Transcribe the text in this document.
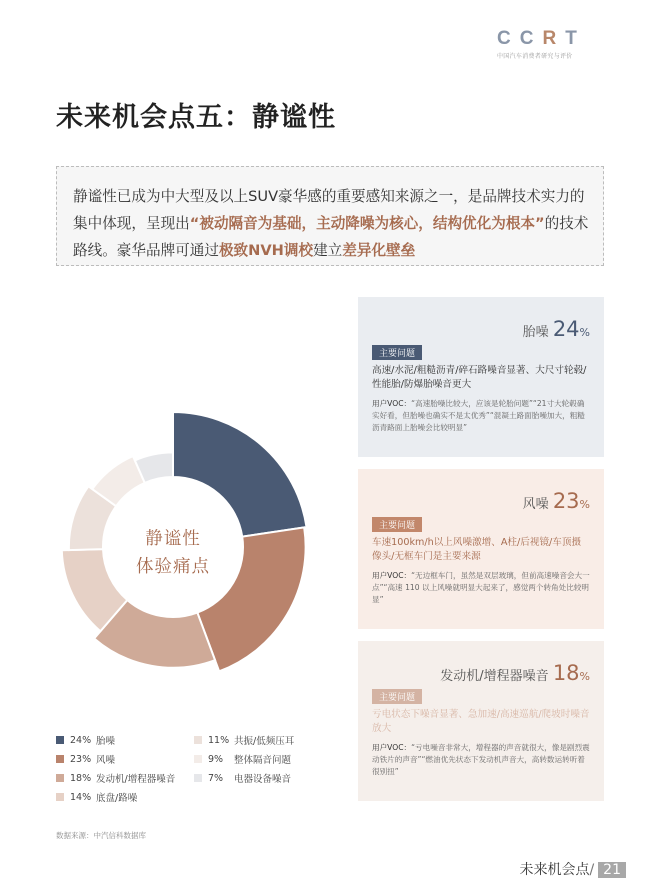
CCRT
中国汽车消费者研究与评价
未来机会点五：静谧性
静谧性已成为中大型及以上SUV豪华感的重要感知来源之一，是品牌技术实力的集中体现，呈现出“被动隔音为基础，主动降噪为核心，结构优化为根本”的技术路线。豪华品牌可通过极致NVH调校建立差异化壁垒
静谧性
体验痛点
24% 胎噪
23% 风噪
18% 发动机/增程器噪音
14% 底盘/路噪
11% 共振/低频压耳
9%	整体隔音问题
7%	电器设备噪音
胎噪 24%
主要问题
高速/水泥/粗糙沥青/碎石路噪音显著、大尺寸轮毂/性能胎/防爆胎噪音更大
用户VOC：“高速胎噪比较大，应该是轮胎问题”“21寸大轮毂确实好看，但胎噪也确实不是太优秀”“混凝土路面胎噪加大，粗糙沥青路面上胎噪会比较明显”
风噪 23%
主要问题
车速100km/h以上风噪激增、A柱/后视镜/车顶摄像头/无框车门是主要来源
用户VOC：“无边框车门，虽然是双层玻璃，但前高速噪音会大一点”“高速 110 以上风噪就明显大起来了，感觉两个转角处比较明显”
发动机/增程器噪音 18%
主要问题
亏电状态下噪音显著、急加速/高速巡航/爬坡时噪音放大
用户VOC：“亏电噪音非常大，增程器的声音就很大，像是剧烈震动铁片的声音”“燃油优先状态下发动机声音大，高转数运转听着很别扭”
数据来源：中汽信科数据库
未来机会点/ 21
